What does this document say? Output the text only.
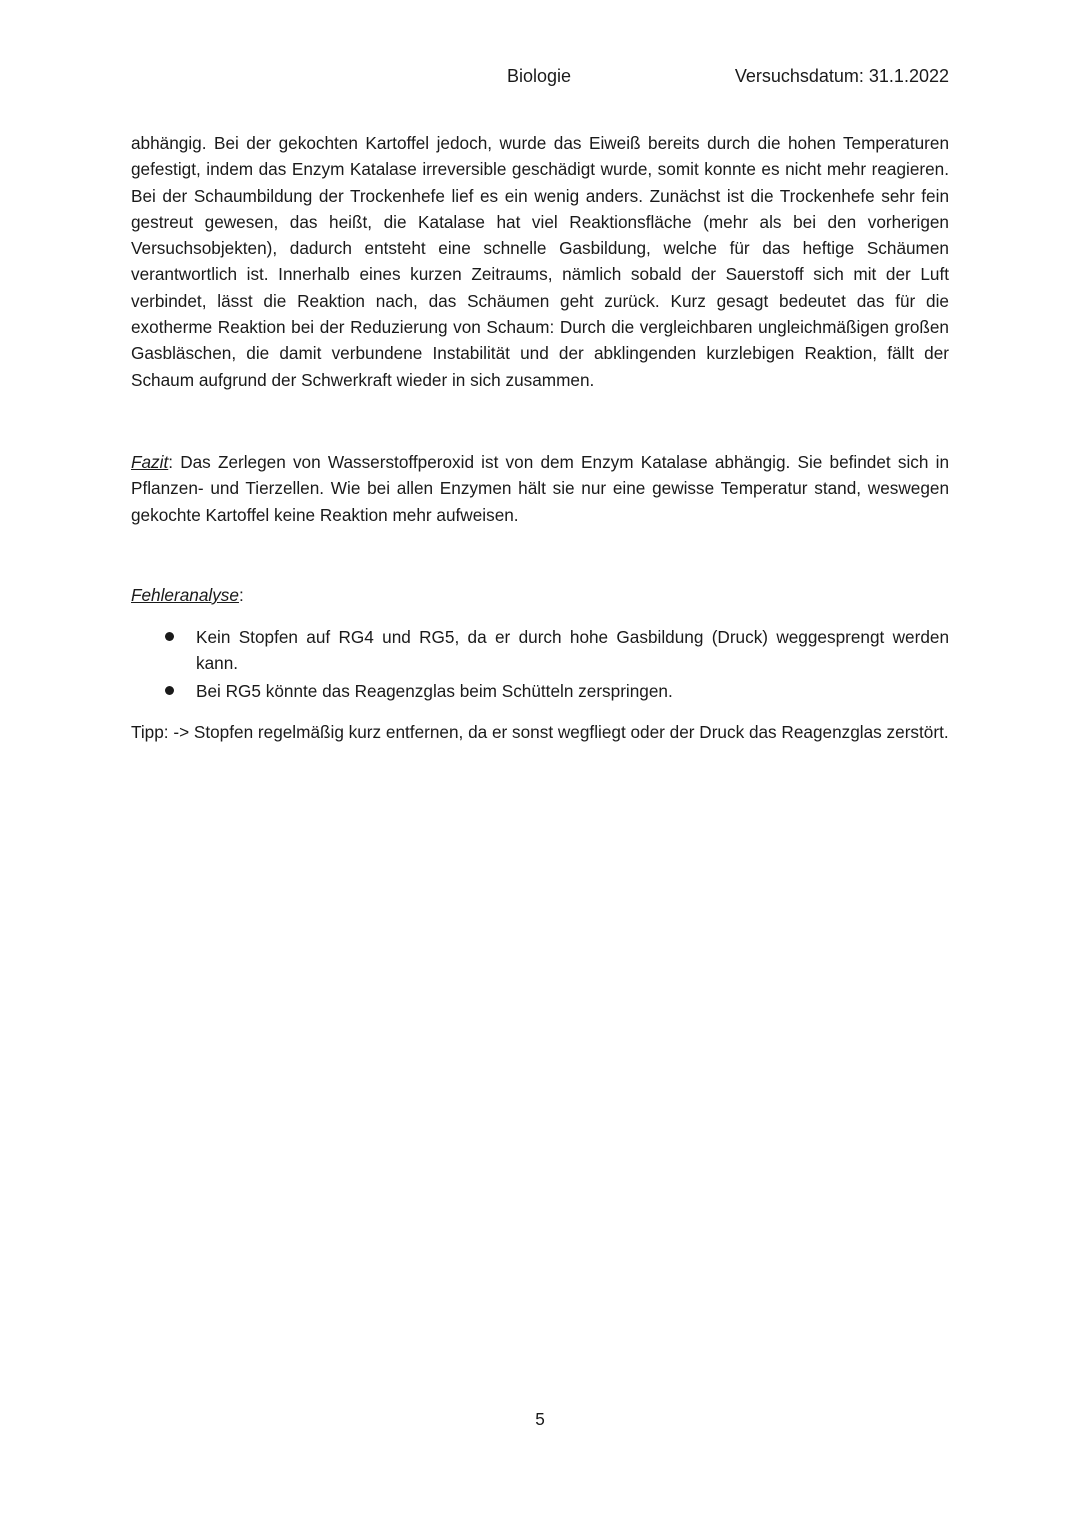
Biologie	Versuchsdatum: 31.1.2022

abhängig. Bei der gekochten Kartoffel jedoch, wurde das Eiweiß bereits durch die hohen Temperaturen gefestigt, indem das Enzym Katalase irreversible geschädigt wurde, somit konnte es nicht mehr reagieren. Bei der Schaumbildung der Trockenhefe lief es ein wenig anders. Zunächst ist die Trockenhefe sehr fein gestreut gewesen, das heißt, die Katalase hat viel Reaktionsfläche (mehr als bei den vorherigen Versuchsobjekten), dadurch entsteht eine schnelle Gasbildung, welche für das heftige Schäumen verantwortlich ist. Innerhalb eines kurzen Zeitraums, nämlich sobald der Sauerstoff sich mit der Luft verbindet, lässt die Reaktion nach, das Schäumen geht zurück. Kurz gesagt bedeutet das für die exotherme Reaktion bei der Reduzierung von Schaum: Durch die vergleichbaren ungleichmäßigen großen Gasbläschen, die damit verbundene Instabilität und der abklingenden kurzlebigen Reaktion, fällt der Schaum aufgrund der Schwerkraft wieder in sich zusammen.

Fazit: Das Zerlegen von Wasserstoffperoxid ist von dem Enzym Katalase abhängig. Sie befindet sich in Pflanzen- und Tierzellen. Wie bei allen Enzymen hält sie nur eine gewisse Temperatur stand, weswegen gekochte Kartoffel keine Reaktion mehr aufweisen.

Fehleranalyse:
Kein Stopfen auf RG4 und RG5, da er durch hohe Gasbildung (Druck) weggesprengt werden kann.
Bei RG5 könnte das Reagenzglas beim Schütteln zerspringen.

Tipp: -> Stopfen regelmäßig kurz entfernen, da er sonst wegfliegt oder der Druck das Reagenzglas zerstört.

5
